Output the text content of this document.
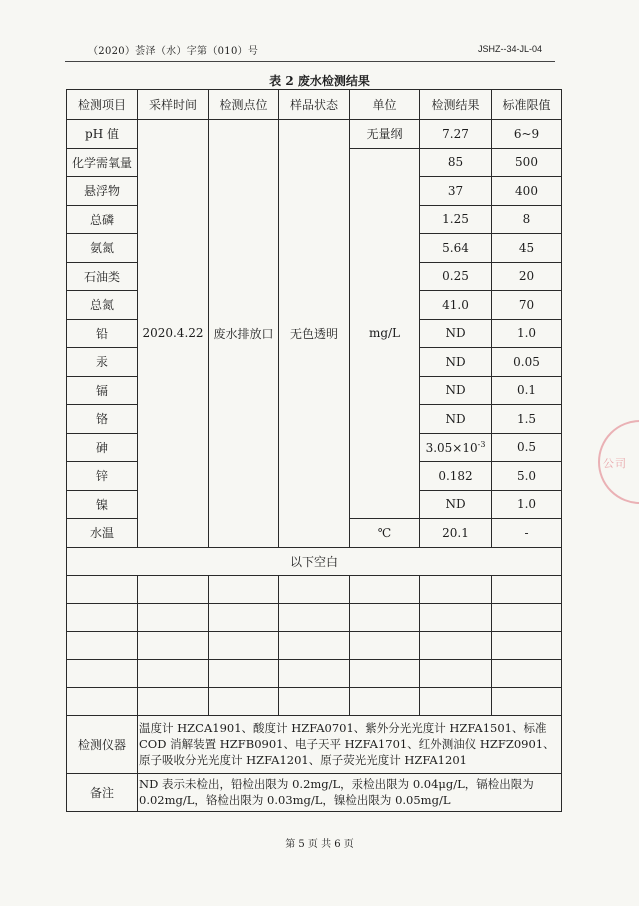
（2020）荟泽（水）字第（010）号	JSHZ--34-JL-04
表 2 废水检测结果
检测项目	采样时间	检测点位	样品状态	单位	检测结果	标准限值
pH 值	2020.4.22	废水排放口	无色透明	无量纲	7.27	6~9
化学需氧量				mg/L	85	500
悬浮物					37	400
总磷					1.25	8
氨氮					5.64	45
石油类					0.25	20
总氮					41.0	70
铅					ND	1.0
汞					ND	0.05
镉					ND	0.1
铬					ND	1.5
砷					$3.05\times 10^{-3}$	0.5
锌					0.182	5.0
镍					ND	1.0
水温				℃	20.1	-
以下空白						

检测仪器	温度计 HZCA1901、酸度计 HZFA0701、紫外分光光度计 HZFA1501、标准COD 消解装置 HZFB0901、电子天平 HZFA1701、红外测油仪 HZFZ0901、原子吸收分光光度计 HZFA1201、原子荧光光度计 HZFA1201					
备注	ND 表示未检出，铅检出限为 0.2mg/L，汞检出限为 0.04μg/L，镉检出限为0.02mg/L，铬检出限为 0.03mg/L，镍检出限为 0.05mg/L					
公司
第 5 页 共 6 页
